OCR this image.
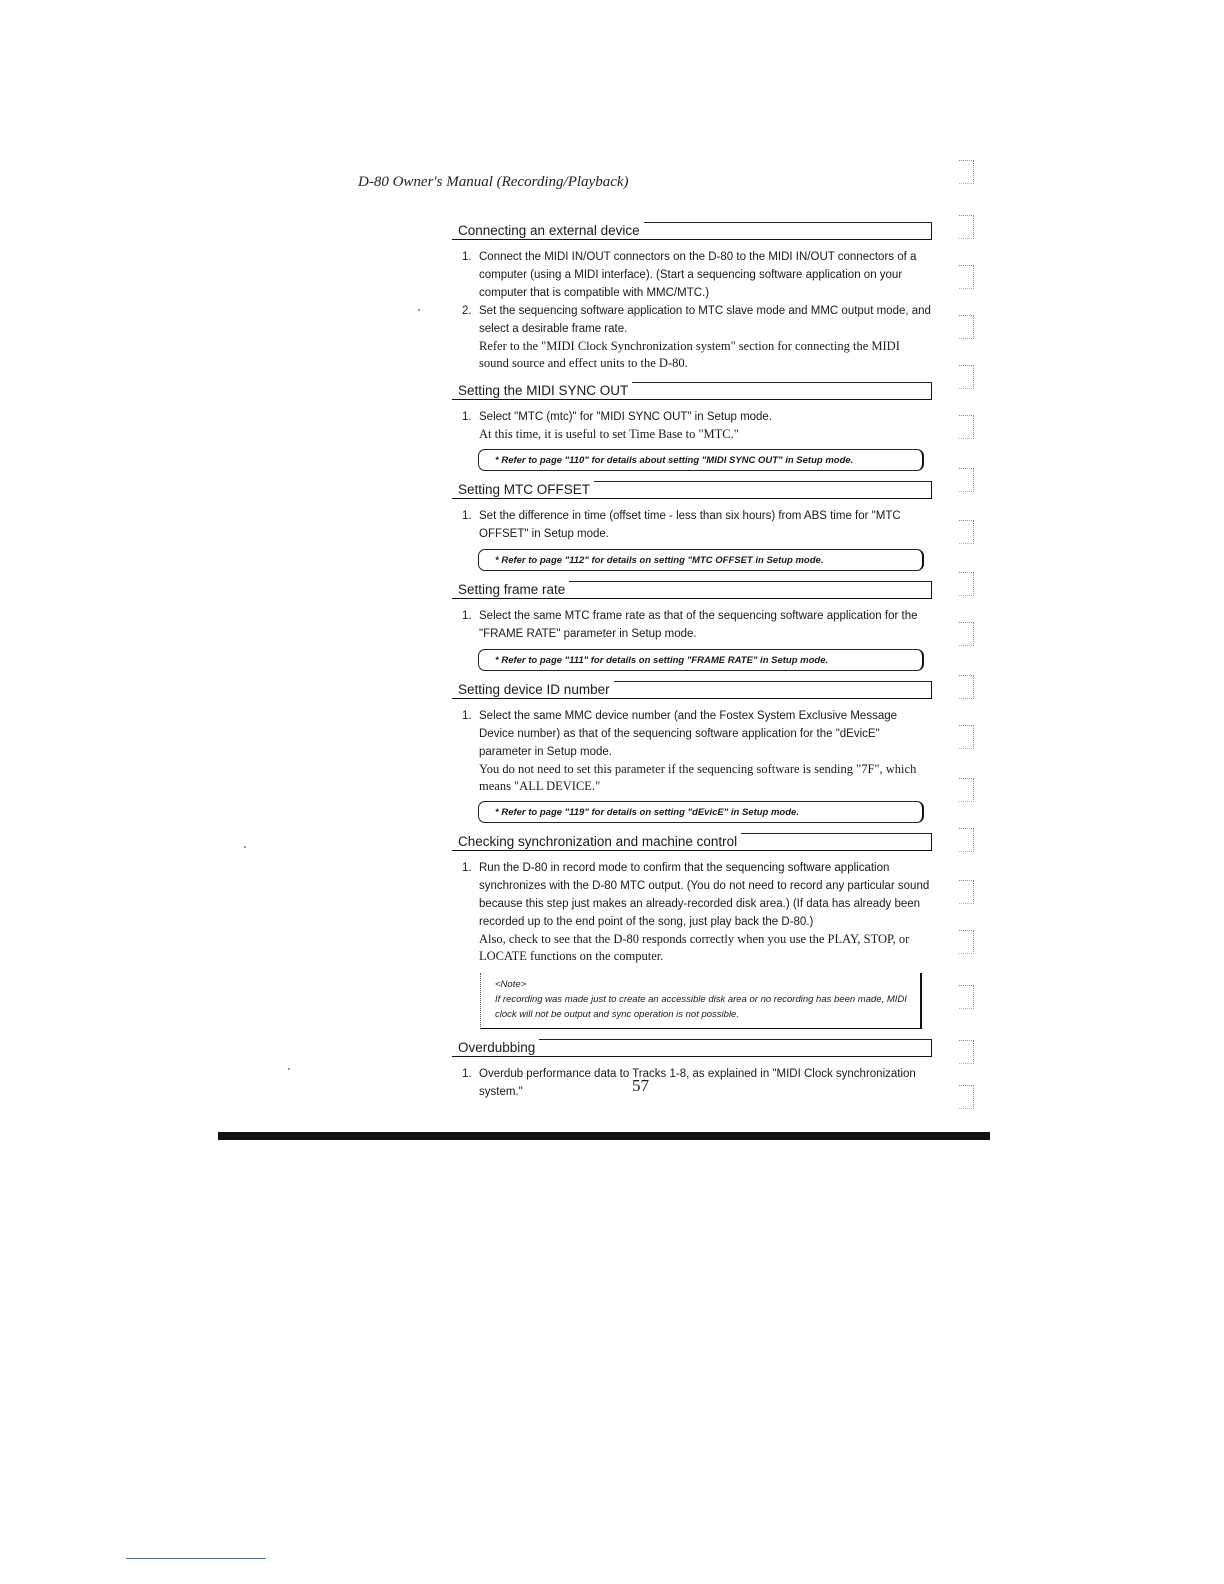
D-80 Owner's Manual (Recording/Playback)
Connecting an external device
1. Connect the MIDI IN/OUT connectors on the D-80 to the MIDI IN/OUT connectors of a computer (using a MIDI interface). (Start a sequencing software application on your computer that is compatible with MMC/MTC.)
2. Set the sequencing software application to MTC slave mode and MMC output mode, and select a desirable frame rate.
Refer to the "MIDI Clock Synchronization system" section for connecting the MIDI sound source and effect units to the D-80.
Setting the MIDI SYNC OUT
1. Select "MTC (mtc)" for "MIDI SYNC OUT" in Setup mode.
At this time, it is useful to set Time Base to "MTC."
* Refer to page "110" for details about setting "MIDI SYNC OUT" in Setup mode.
Setting MTC OFFSET
1. Set the difference in time (offset time - less than six hours) from ABS time for "MTC OFFSET" in Setup mode.
* Refer to page "112" for details on setting "MTC OFFSET in Setup mode.
Setting frame rate
1. Select the same MTC frame rate as that of the sequencing software application for the "FRAME RATE" parameter in Setup mode.
* Refer to page "111" for details on setting "FRAME RATE" in Setup mode.
Setting device ID number
1. Select the same MMC device number (and the Fostex System Exclusive Message Device number) as that of the sequencing software application for the "dEvicE" parameter in Setup mode.
You do not need to set this parameter if the sequencing software is sending "7F", which means "ALL DEVICE."
* Refer to page "119" for details on setting "dEvicE" in Setup mode.
Checking synchronization and machine control
1. Run the D-80 in record mode to confirm that the sequencing software application synchronizes with the D-80 MTC output. (You do not need to record any particular sound because this step just makes an already-recorded disk area.) (If data has already been recorded up to the end point of the song, just play back the D-80.)
Also, check to see that the D-80 responds correctly when you use the PLAY, STOP, or LOCATE functions on the computer.
<Note>
If recording was made just to create an accessible disk area or no recording has been made, MIDI clock will not be output and sync operation is not possible.
Overdubbing
1. Overdub performance data to Tracks 1-8, as explained in "MIDI Clock synchronization system."	57
